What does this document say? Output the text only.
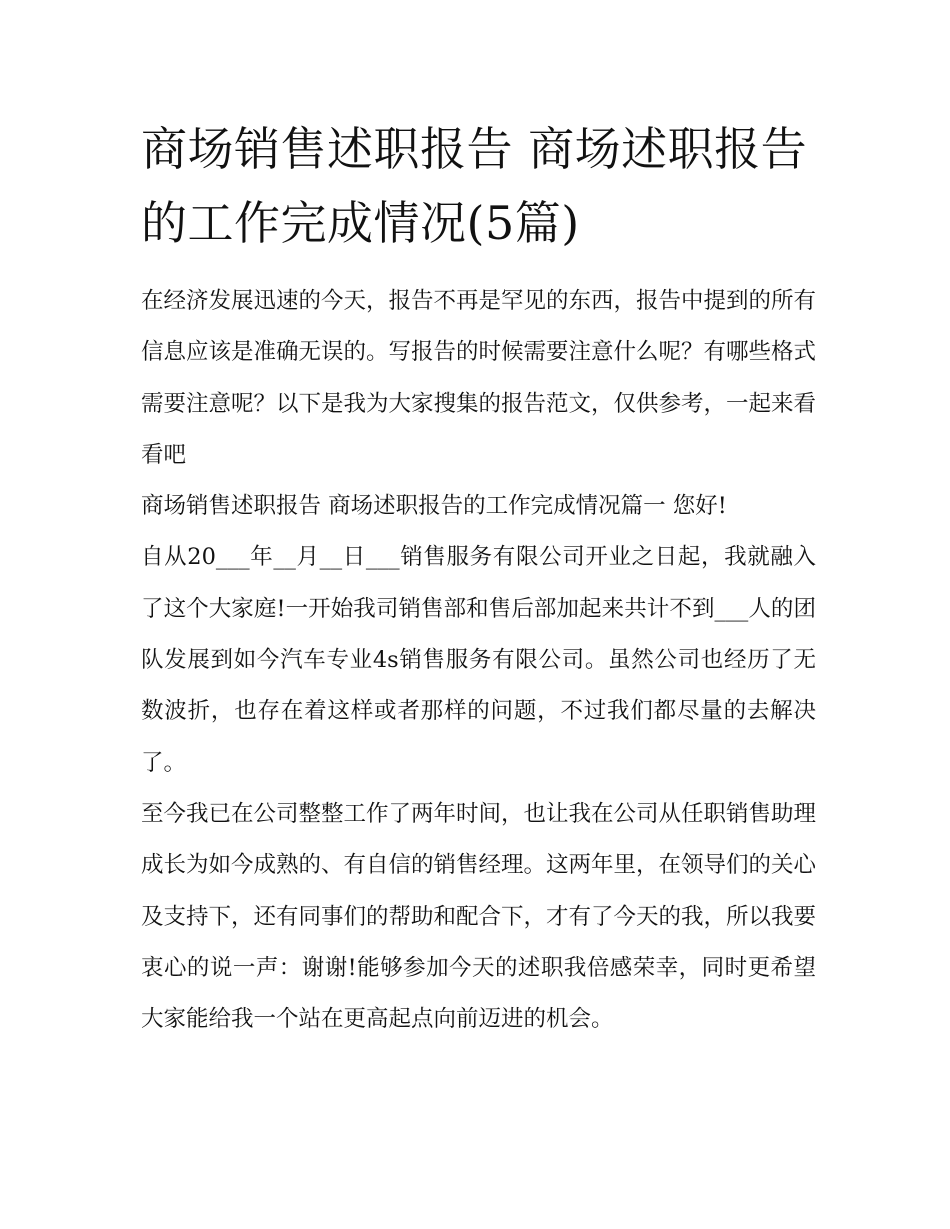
商场销售述职报告 商场述职报告的工作完成情况(5篇)

在经济发展迅速的今天，报告不再是罕见的东西，报告中提到的所有信息应该是准确无误的。写报告的时候需要注意什么呢？有哪些格式需要注意呢？以下是我为大家搜集的报告范文，仅供参考，一起来看看吧

商场销售述职报告 商场述职报告的工作完成情况篇一 您好!

自从20___年__月__日___销售服务有限公司开业之日起，我就融入了这个大家庭!一开始我司销售部和售后部加起来共计不到___人的团队发展到如今汽车专业4s销售服务有限公司。虽然公司也经历了无数波折，也存在着这样或者那样的问题，不过我们都尽量的去解决了。

至今我已在公司整整工作了两年时间，也让我在公司从任职销售助理成长为如今成熟的、有自信的销售经理。这两年里，在领导们的关心及支持下，还有同事们的帮助和配合下，才有了今天的我，所以我要衷心的说一声：谢谢!能够参加今天的述职我倍感荣幸，同时更希望大家能给我一个站在更高起点向前迈进的机会。
